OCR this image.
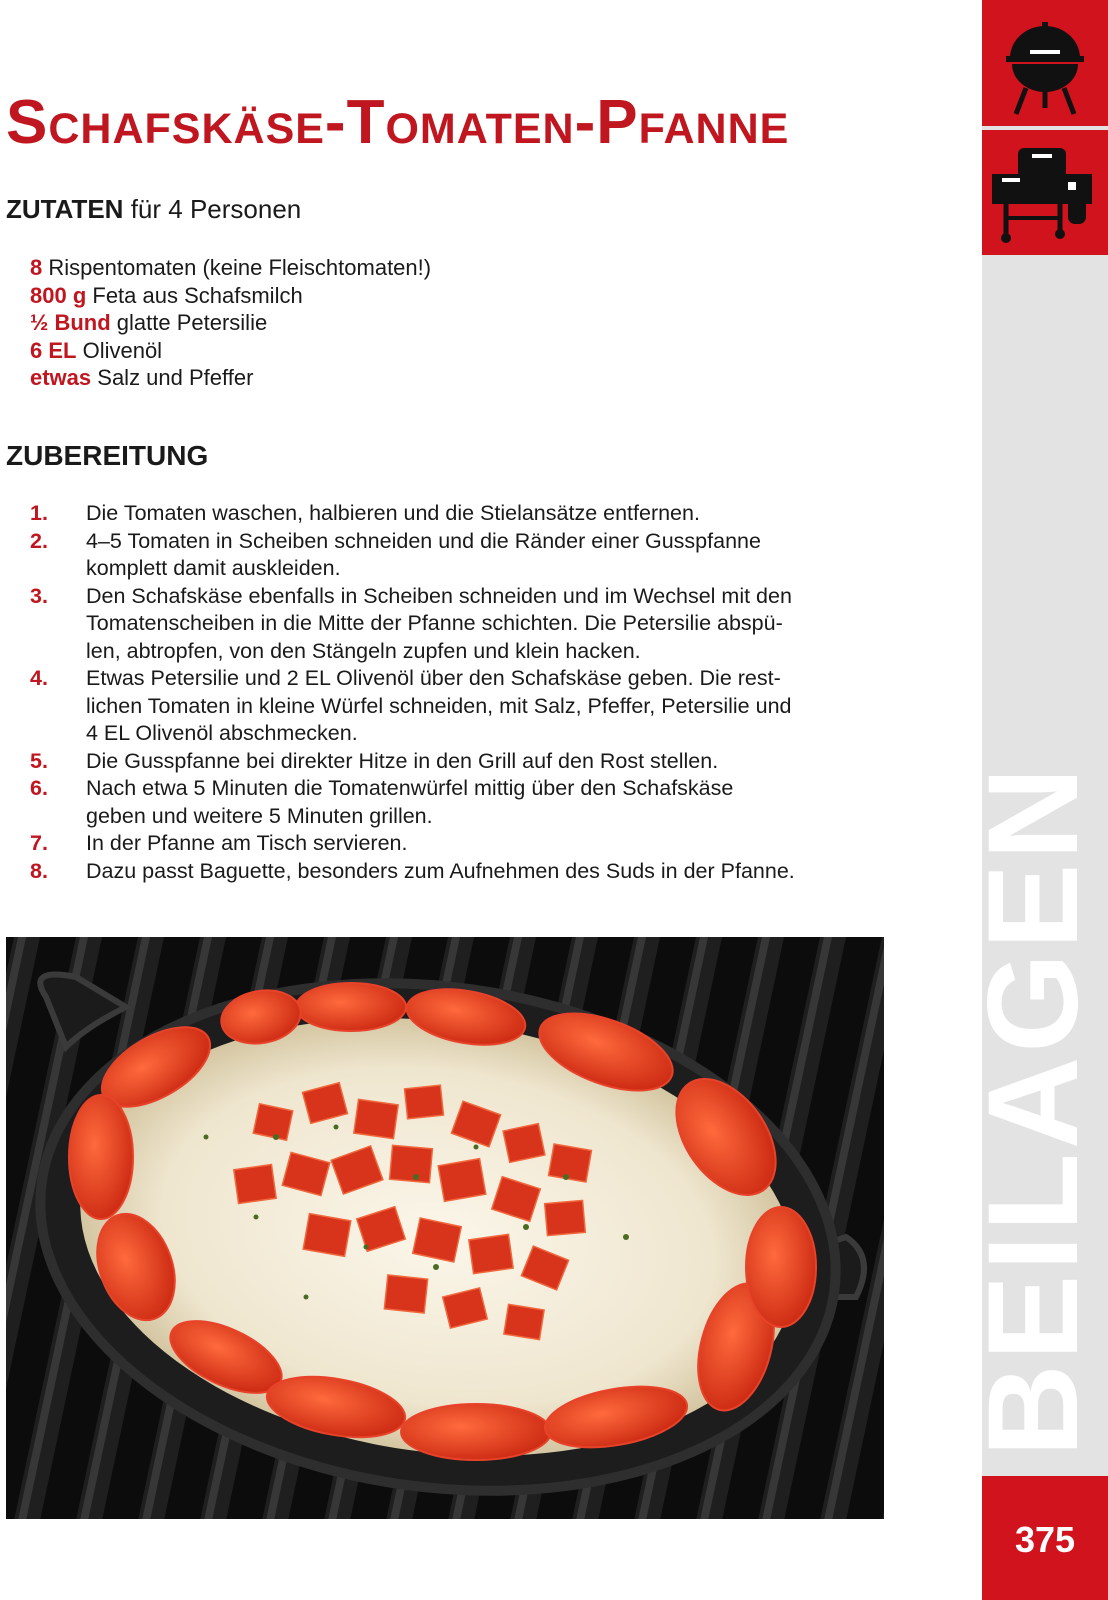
Schafskäse-Tomaten-Pfanne
ZUTATEN für 4 Personen
8 Rispentomaten (keine Fleischtomaten!)
800 g Feta aus Schafsmilch
½ Bund glatte Petersilie
6 EL Olivenöl
etwas Salz und Pfeffer
ZUBEREITUNG
1.	Die Tomaten waschen, halbieren und die Stielansätze entfernen.
2.	4–5 Tomaten in Scheiben schneiden und die Ränder einer Gusspfanne
komplett damit auskleiden.
3.	Den Schafskäse ebenfalls in Scheiben schneiden und im Wechsel mit den
Tomatenscheiben in die Mitte der Pfanne schichten. Die Petersilie abspü-
len, abtropfen, von den Stängeln zupfen und klein hacken.
4.	Etwas Petersilie und 2 EL Olivenöl über den Schafskäse geben. Die rest-
lichen Tomaten in kleine Würfel schneiden, mit Salz, Pfeffer, Petersilie und
4 EL Olivenöl abschmecken.
5.	Die Gusspfanne bei direkter Hitze in den Grill auf den Rost stellen.
6.	Nach etwa 5 Minuten die Tomatenwürfel mittig über den Schafskäse
geben und weitere 5 Minuten grillen.
7.	In der Pfanne am Tisch servieren.
8.	Dazu passt Baguette, besonders zum Aufnehmen des Suds in der Pfanne.	BEILAGEN
375
